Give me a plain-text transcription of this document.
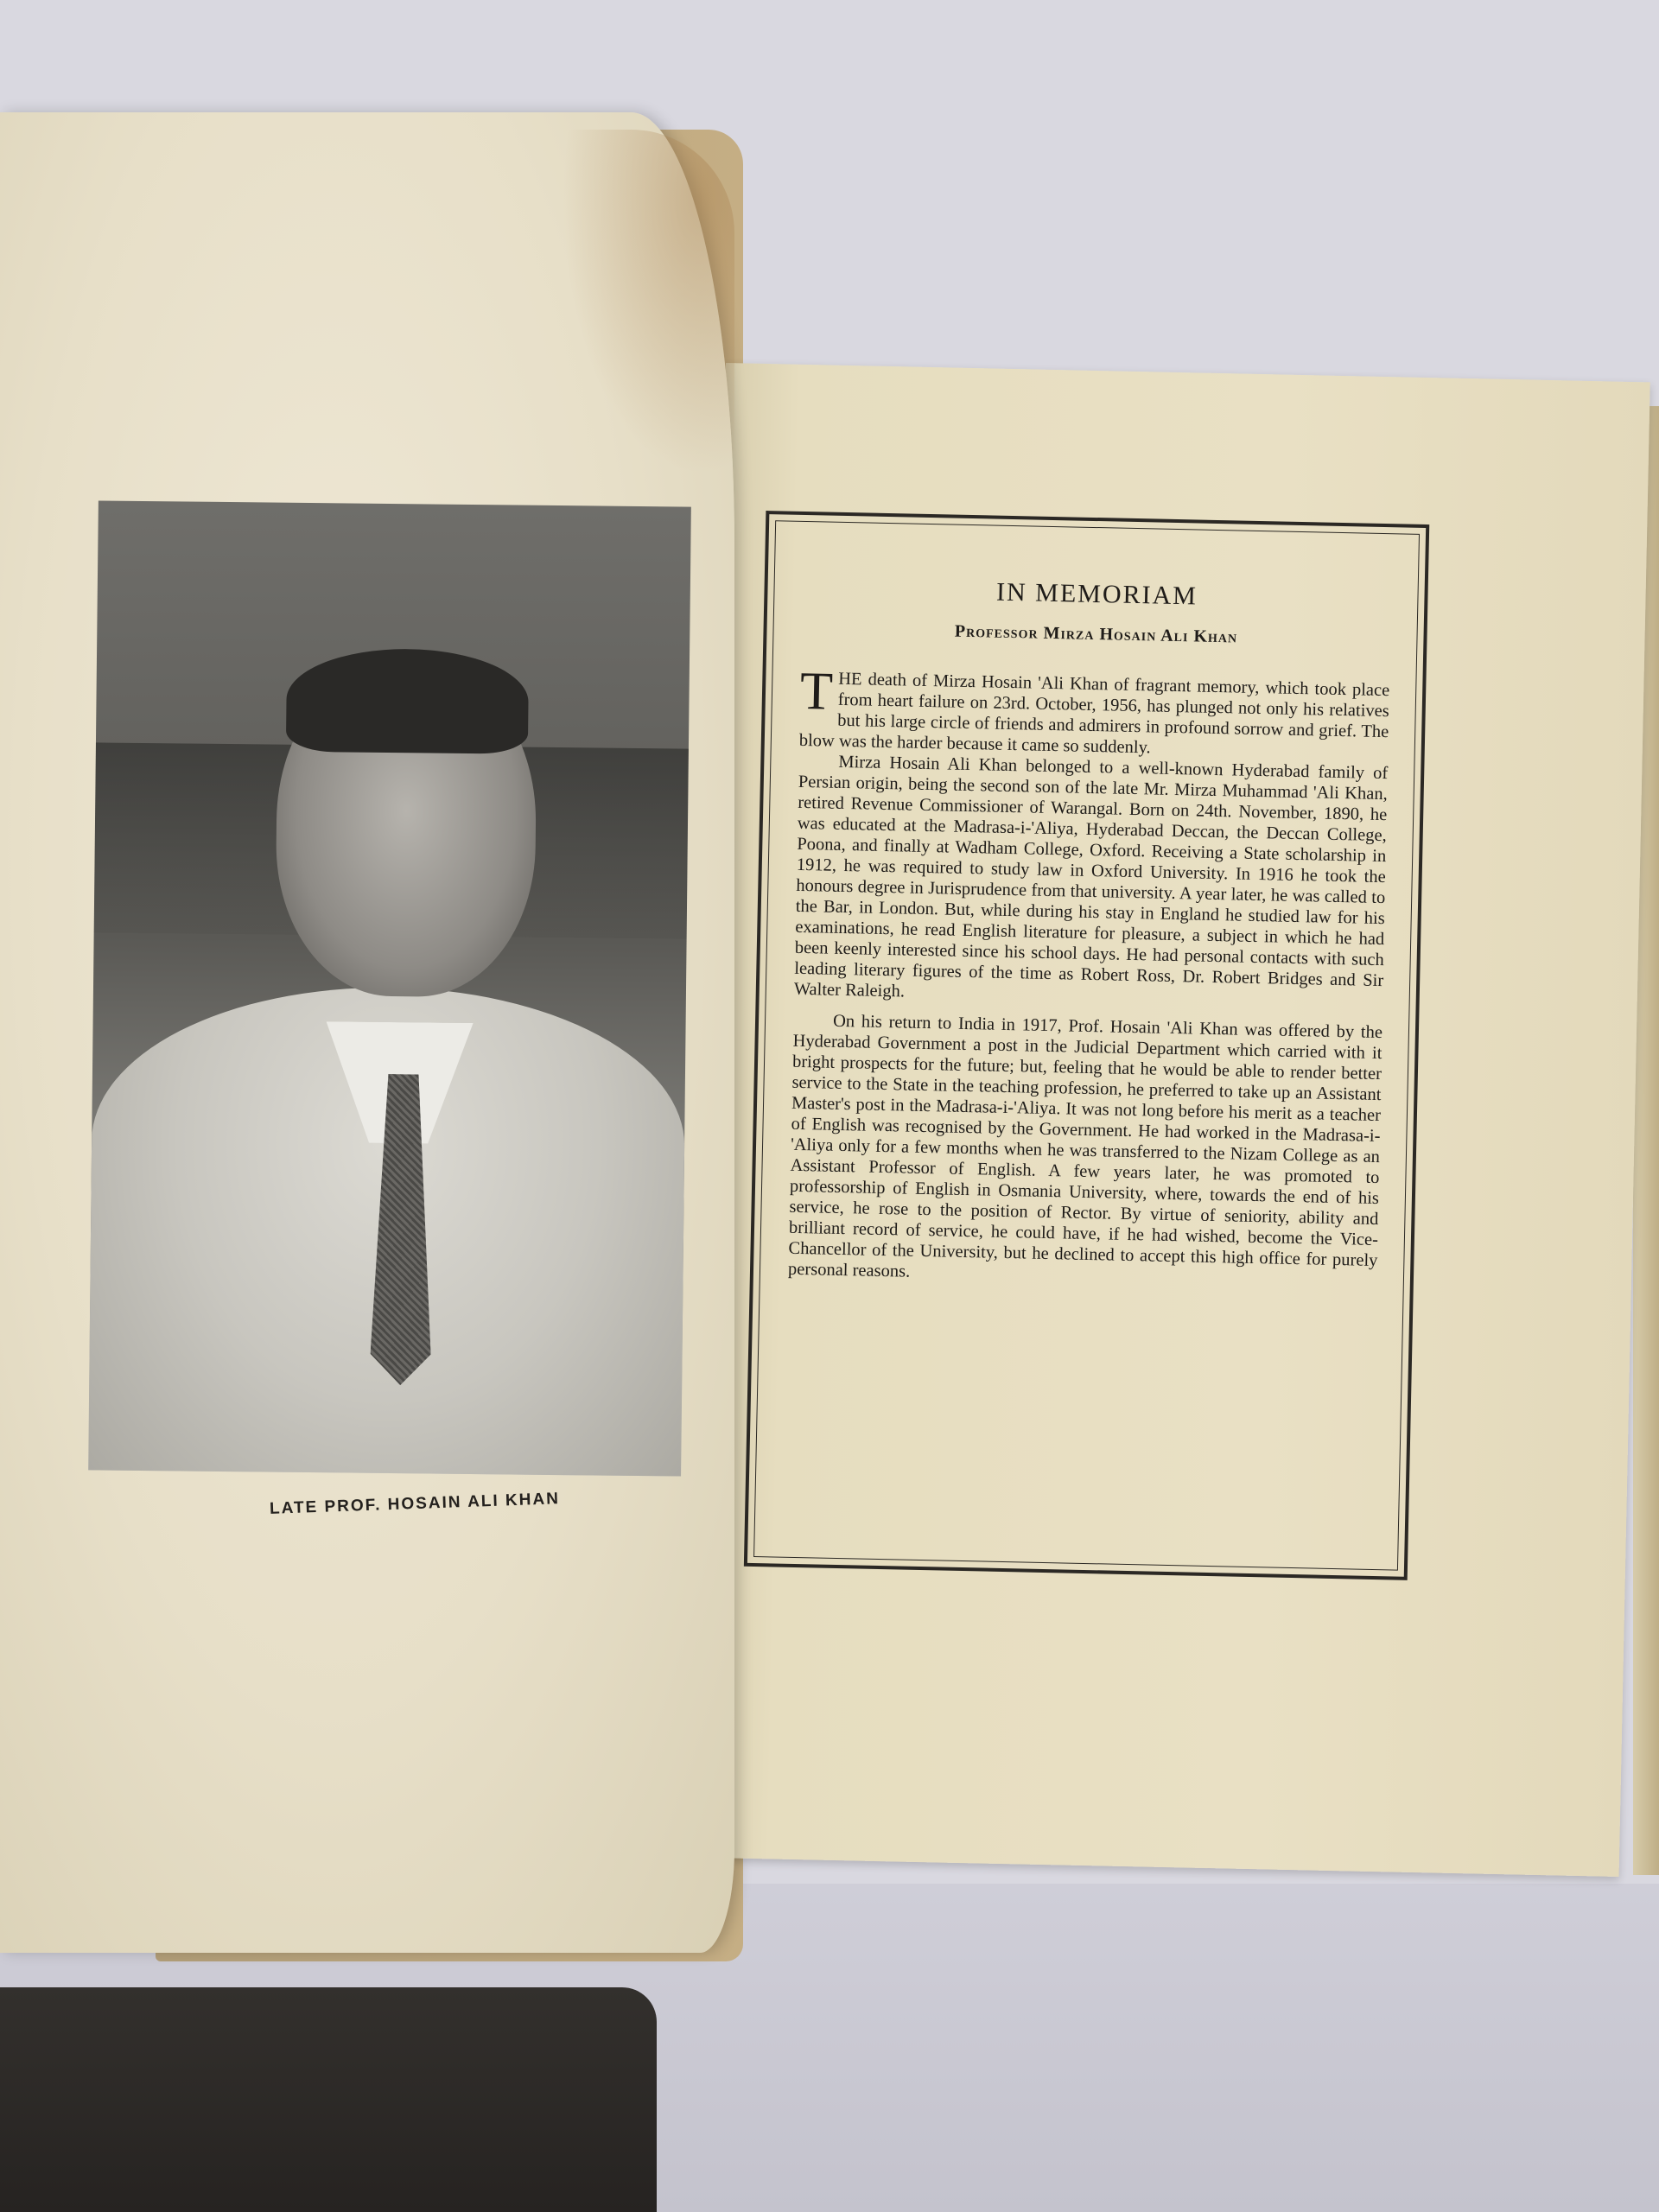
IN MEMORIAM
Professor Mirza Hosain Ali Khan

THE death of Mirza Hosain 'Ali Khan of fragrant memory, which took place from heart failure on 23rd. October, 1956, has plunged not only his relatives but his large circle of friends and admirers in profound sorrow and grief. The blow was the harder because it came so suddenly.

Mirza Hosain Ali Khan belonged to a well-known Hyderabad family of Persian origin, being the second son of the late Mr. Mirza Muhammad 'Ali Khan, retired Revenue Commissioner of Warangal. Born on 24th. November, 1890, he was educated at the Madrasa-i-'Aliya, Hyderabad Deccan, the Deccan College, Poona, and finally at Wadham College, Oxford. Receiving a State scholarship in 1912, he was required to study law in Oxford University. In 1916 he took the honours degree in Jurisprudence from that university. A year later, he was called to the Bar, in London. But, while during his stay in England he studied law for his examinations, he read English literature for pleasure, a subject in which he had been keenly interested since his school days. He had personal contacts with such leading literary figures of the time as Robert Ross, Dr. Robert Bridges and Sir Walter Raleigh.

On his return to India in 1917, Prof. Hosain 'Ali Khan was offered by the Hyderabad Government a post in the Judicial Department which carried with it bright prospects for the future; but, feeling that he would be able to render better service to the State in the teaching profession, he preferred to take up an Assistant Master's post in the Madrasa-i-'Aliya. It was not long before his merit as a teacher of English was recognised by the Government. He had worked in the Madrasa-i-'Aliya only for a few months when he was transferred to the Nizam College as an Assistant Professor of English. A few years later, he was promoted to professorship of English in Osmania University, where, towards the end of his service, he rose to the position of Rector. By virtue of seniority, ability and brilliant record of service, he could have, if he had wished, become the Vice-Chancellor of the University, but he declined to accept this high office for purely personal reasons.

LATE PROF. HOSAIN ALI KHAN
